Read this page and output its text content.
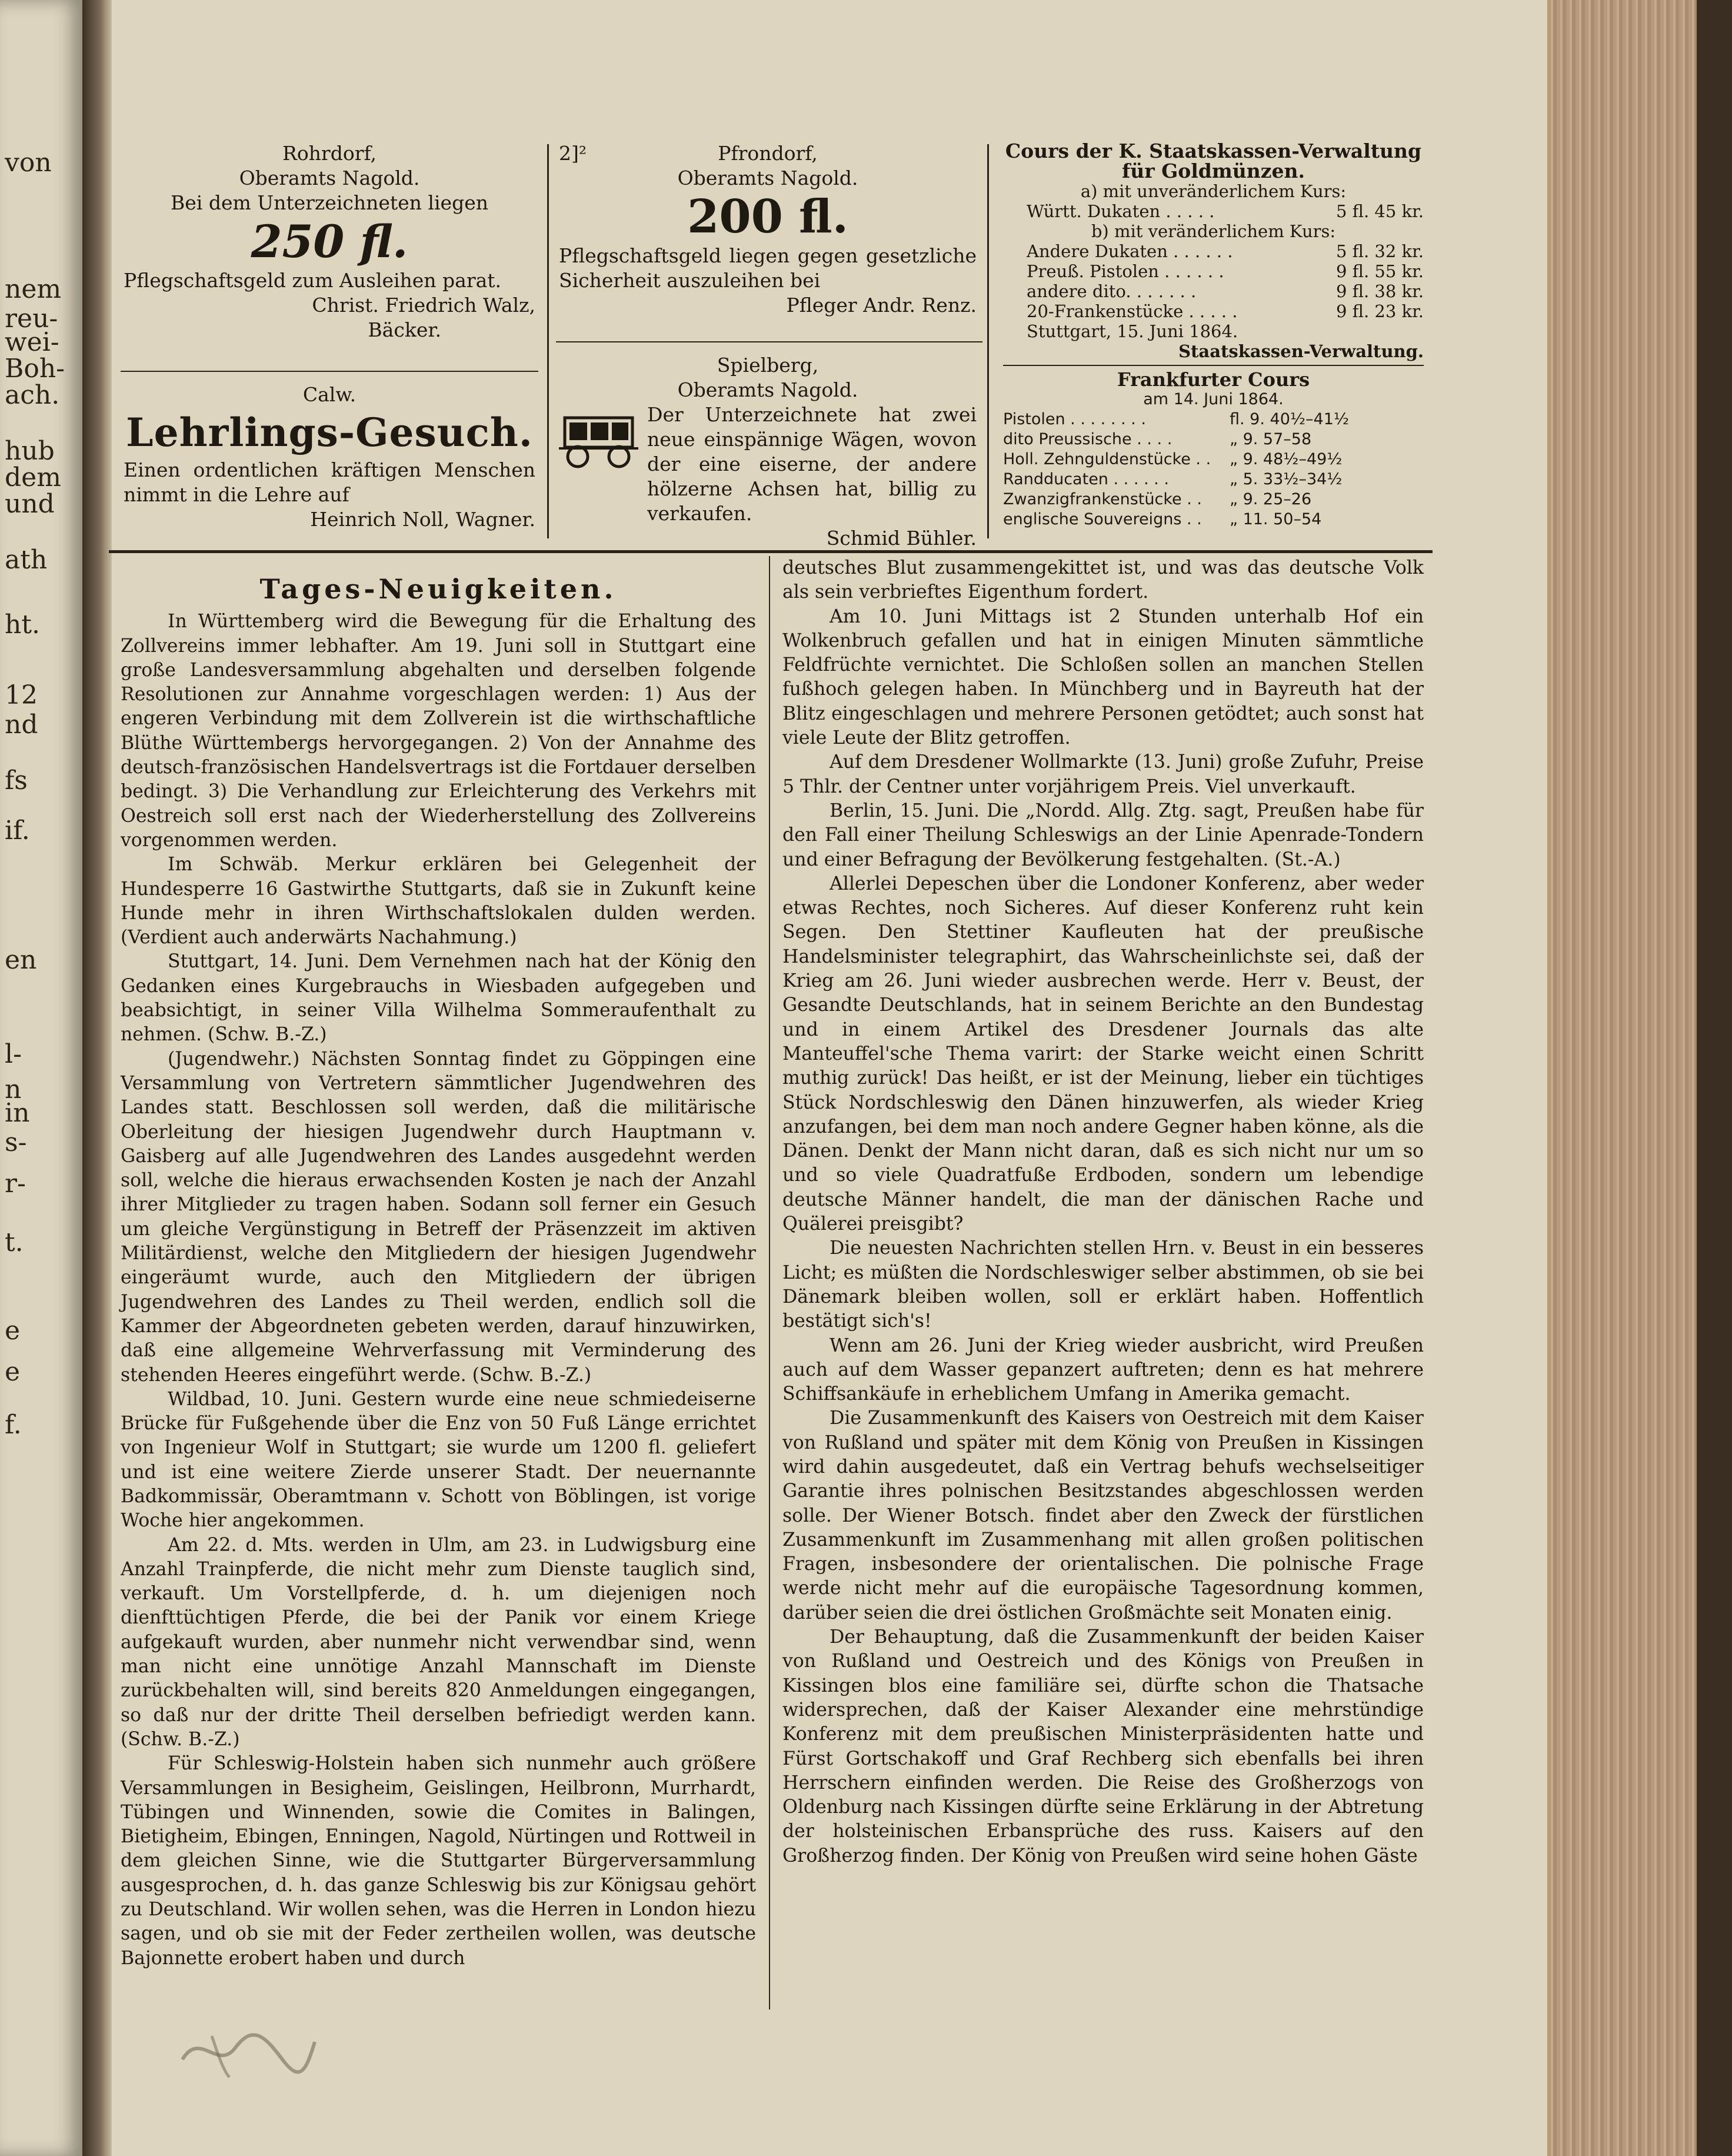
von
nem
reu-
wei-
Boh-
ach.
hub
dem
und
ath
ht.
12
nd
fs
if.
en
l-
n
in
s-
r-
t.
e
e
f.
Rohrdorf,
Oberamts Nagold.
Bei dem Unterzeichneten liegen
250 fl.
Pflegschaftsgeld zum Ausleihen parat.
Christ. Friedrich Walz,
Bäcker.
Calw.
Lehrlings-Gesuch.
Einen ordentlichen kräftigen Menschen nimmt in die Lehre auf
Heinrich Noll, Wagner.
2]²	Pfrondorf,
Oberamts Nagold.
200 fl.
Pflegschaftsgeld liegen gegen gesetzliche Sicherheit auszuleihen bei
Pfleger Andr. Renz.
Spielberg,
Oberamts Nagold.
Der Unterzeichnete hat zwei neue einspännige Wägen, wovon der eine eiserne, der andere hölzerne Achsen hat, billig zu verkaufen.
Schmid Bühler.
Cours der K. Staatskassen-Verwaltung
für Goldmünzen.
a) mit unveränderlichem Kurs:
Württ. Dukaten . . . . .	5 fl. 45 kr.
b) mit veränderlichem Kurs:
Andere Dukaten . . . . . .	5 fl. 32 kr.
Preuß. Pistolen . . . . . .	9 fl. 55 kr.
andere dito. . . . . . .	9 fl. 38 kr.
20-Frankenstücke . . . . .	9 fl. 23 kr.
Stuttgart, 15. Juni 1864.
Staatskassen-Verwaltung.
Frankfurter Cours
am 14. Juni 1864.
Pistolen . . . . . . . .	fl. 9. 40½–41½
dito Preussische . . . .	„ 9. 57–58
Holl. Zehnguldenstücke . . „ 9. 48½–49½
Randducaten . . . . . .	„ 5. 33½–34½
Zwanzigfrankenstücke . . „ 9. 25–26
englische Souvereigns . . „ 11. 50–54
Tages-Neuigkeiten.

In Württemberg wird die Bewegung für die Erhaltung des Zollvereins immer lebhafter. Am 19. Juni soll in Stuttgart eine große Landesversammlung abgehalten und derselben folgende Resolutionen zur Annahme vorgeschlagen werden: 1) Aus der engeren Verbindung mit dem Zollverein ist die wirthschaftliche Blüthe Württembergs hervorgegangen. 2) Von der Annahme des deutsch-französischen Handelsvertrags ist die Fortdauer derselben bedingt. 3) Die Verhandlung zur Erleichterung des Verkehrs mit Oestreich soll erst nach der Wiederherstellung des Zollvereins vorgenommen werden.

Im Schwäb. Merkur erklären bei Gelegenheit der Hundesperre 16 Gastwirthe Stuttgarts, daß sie in Zukunft keine Hunde mehr in ihren Wirthschaftslokalen dulden werden. (Verdient auch anderwärts Nachahmung.)

Stuttgart, 14. Juni. Dem Vernehmen nach hat der König den Gedanken eines Kurgebrauchs in Wiesbaden aufgegeben und beabsichtigt, in seiner Villa Wilhelma Sommeraufenthalt zu nehmen. (Schw. B.-Z.)

(Jugendwehr.) Nächsten Sonntag findet zu Göppingen eine Versammlung von Vertretern sämmtlicher Jugendwehren des Landes statt. Beschlossen soll werden, daß die militärische Oberleitung der hiesigen Jugendwehr durch Hauptmann v. Gaisberg auf alle Jugendwehren des Landes ausgedehnt werden soll, welche die hieraus erwachsenden Kosten je nach der Anzahl ihrer Mitglieder zu tragen haben. Sodann soll ferner ein Gesuch um gleiche Vergünstigung in Betreff der Präsenzzeit im aktiven Militärdienst, welche den Mitgliedern der hiesigen Jugendwehr eingeräumt wurde, auch den Mitgliedern der übrigen Jugendwehren des Landes zu Theil werden, endlich soll die Kammer der Abgeordneten gebeten werden, darauf hinzuwirken, daß eine allgemeine Wehrverfassung mit Verminderung des stehenden Heeres eingeführt werde. (Schw. B.-Z.)

Wildbad, 10. Juni. Gestern wurde eine neue schmiedeiserne Brücke für Fußgehende über die Enz von 50 Fuß Länge errichtet von Ingenieur Wolf in Stuttgart; sie wurde um 1200 fl. geliefert und ist eine weitere Zierde unserer Stadt. Der neuernannte Badkommissär, Oberamtmann v. Schott von Böblingen, ist vorige Woche hier angekommen.

Am 22. d. Mts. werden in Ulm, am 23. in Ludwigsburg eine Anzahl Trainpferde, die nicht mehr zum Dienste tauglich sind, verkauft. Um Vorstellpferde, d. h. um diejenigen noch dienfttüchtigen Pferde, die bei der Panik vor einem Kriege aufgekauft wurden, aber nunmehr nicht verwendbar sind, wenn man nicht eine unnötige Anzahl Mannschaft im Dienste zurückbehalten will, sind bereits 820 Anmeldungen eingegangen, so daß nur der dritte Theil derselben befriedigt werden kann. (Schw. B.-Z.)

Für Schleswig-Holstein haben sich nunmehr auch größere Versammlungen in Besigheim, Geislingen, Heilbronn, Murrhardt, Tübingen und Winnenden, sowie die Comites in Balingen, Bietigheim, Ebingen, Enningen, Nagold, Nürtingen und Rottweil in dem gleichen Sinne, wie die Stuttgarter Bürgerversammlung ausgesprochen, d. h. das ganze Schleswig bis zur Königsau gehört zu Deutschland. Wir wollen sehen, was die Herren in London hiezu sagen, und ob sie mit der Feder zertheilen wollen, was deutsche Bajonnette erobert haben und durch

deutsches Blut zusammengekittet ist, und was das deutsche Volk als sein verbrieftes Eigenthum fordert.

Am 10. Juni Mittags ist 2 Stunden unterhalb Hof ein Wolkenbruch gefallen und hat in einigen Minuten sämmtliche Feldfrüchte vernichtet. Die Schloßen sollen an manchen Stellen fußhoch gelegen haben. In Münchberg und in Bayreuth hat der Blitz eingeschlagen und mehrere Personen getödtet; auch sonst hat viele Leute der Blitz getroffen.

Auf dem Dresdener Wollmarkte (13. Juni) große Zufuhr, Preise 5 Thlr. der Centner unter vorjährigem Preis. Viel unverkauft.

Berlin, 15. Juni. Die „Nordd. Allg. Ztg. sagt, Preußen habe für den Fall einer Theilung Schleswigs an der Linie Apenrade-Tondern und einer Befragung der Bevölkerung festgehalten. (St.-A.)

Allerlei Depeschen über die Londoner Konferenz, aber weder etwas Rechtes, noch Sicheres. Auf dieser Konferenz ruht kein Segen. Den Stettiner Kaufleuten hat der preußische Handelsminister telegraphirt, das Wahrscheinlichste sei, daß der Krieg am 26. Juni wieder ausbrechen werde. Herr v. Beust, der Gesandte Deutschlands, hat in seinem Berichte an den Bundestag und in einem Artikel des Dresdener Journals das alte Manteuffel'sche Thema varirt: der Starke weicht einen Schritt muthig zurück! Das heißt, er ist der Meinung, lieber ein tüchtiges Stück Nordschleswig den Dänen hinzuwerfen, als wieder Krieg anzufangen, bei dem man noch andere Gegner haben könne, als die Dänen. Denkt der Mann nicht daran, daß es sich nicht nur um so und so viele Quadratfuße Erdboden, sondern um lebendige deutsche Männer handelt, die man der dänischen Rache und Quälerei preisgibt?

Die neuesten Nachrichten stellen Hrn. v. Beust in ein besseres Licht; es müßten die Nordschleswiger selber abstimmen, ob sie bei Dänemark bleiben wollen, soll er erklärt haben. Hoffentlich bestätigt sich's!

Wenn am 26. Juni der Krieg wieder ausbricht, wird Preußen auch auf dem Wasser gepanzert auftreten; denn es hat mehrere Schiffsankäufe in erheblichem Umfang in Amerika gemacht.

Die Zusammenkunft des Kaisers von Oestreich mit dem Kaiser von Rußland und später mit dem König von Preußen in Kissingen wird dahin ausgedeutet, daß ein Vertrag behufs wechselseitiger Garantie ihres polnischen Besitzstandes abgeschlossen werden solle. Der Wiener Botsch. findet aber den Zweck der fürstlichen Zusammenkunft im Zusammenhang mit allen großen politischen Fragen, insbesondere der orientalischen. Die polnische Frage werde nicht mehr auf die europäische Tagesordnung kommen, darüber seien die drei östlichen Großmächte seit Monaten einig.

Der Behauptung, daß die Zusammenkunft der beiden Kaiser von Rußland und Oestreich und des Königs von Preußen in Kissingen blos eine familiäre sei, dürfte schon die Thatsache widersprechen, daß der Kaiser Alexander eine mehrstündige Konferenz mit dem preußischen Ministerpräsidenten hatte und Fürst Gortschakoff und Graf Rechberg sich ebenfalls bei ihren Herrschern einfinden werden. Die Reise des Großherzogs von Oldenburg nach Kissingen dürfte seine Erklärung in der Abtretung der holsteinischen Erbansprüche des russ. Kaisers auf den Großherzog finden. Der König von Preußen wird seine hohen Gäste
